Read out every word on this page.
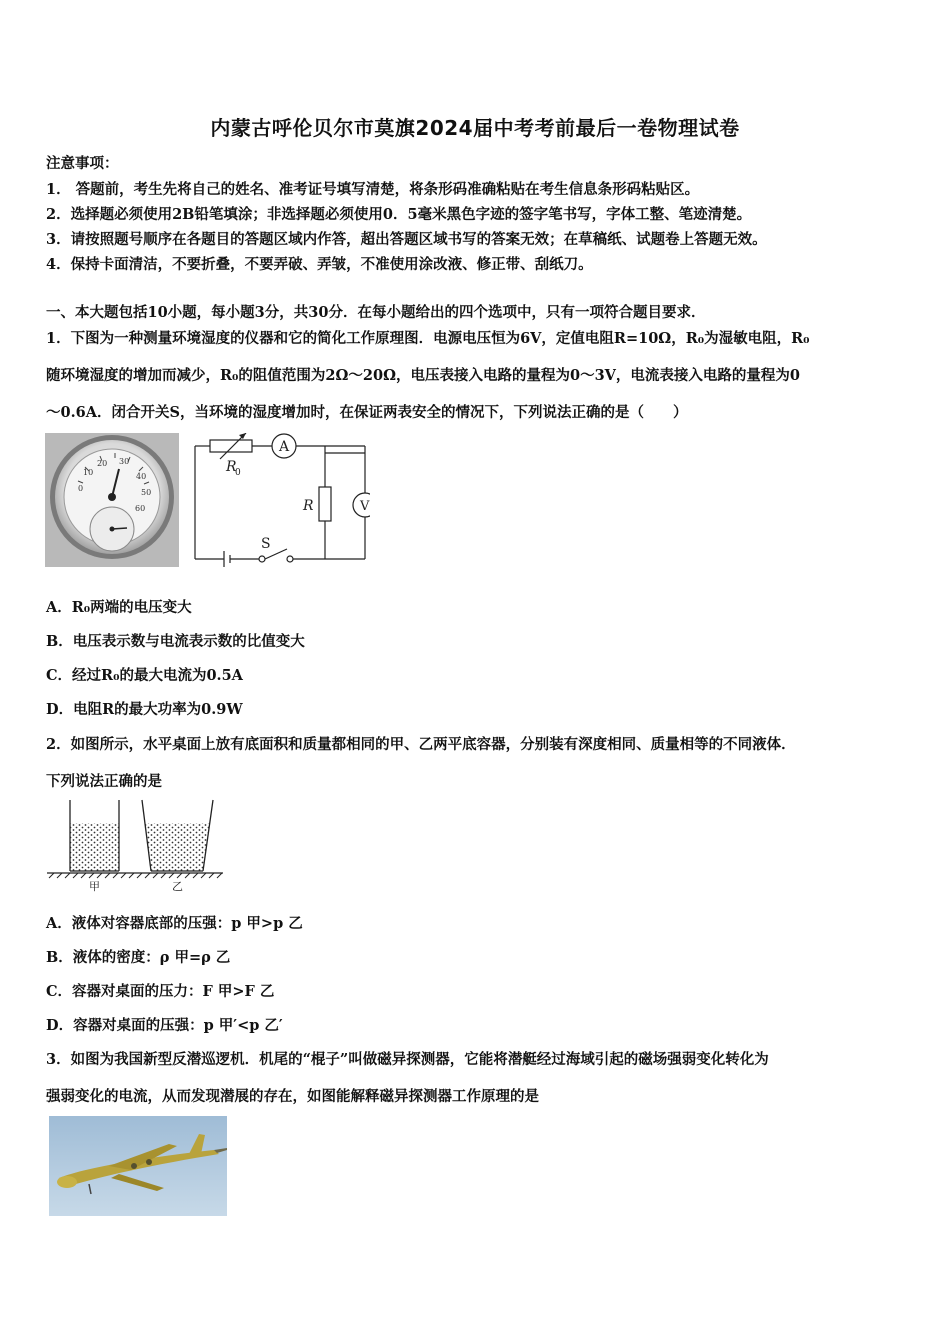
内蒙古呼伦贝尔市莫旗2024届中考考前最后一卷物理试卷
注意事项：
1． 答题前，考生先将自己的姓名、准考证号填写清楚，将条形码准确粘贴在考生信息条形码粘贴区。
2．选择题必须使用2B铅笔填涂；非选择题必须使用0．5毫米黑色字迹的签字笔书写，字体工整、笔迹清楚。
3．请按照题号顺序在各题目的答题区域内作答，超出答题区域书写的答案无效；在草稿纸、试题卷上答题无效。
4．保持卡面清洁，不要折叠，不要弄破、弄皱，不准使用涂改液、修正带、刮纸刀。
一、本大题包括10小题，每小题3分，共30分．在每小题给出的四个选项中，只有一项符合题目要求．
1．下图为一种测量环境湿度的仪器和它的简化工作原理图．电源电压恒为6V，定值电阻R=10Ω，R₀为湿敏电阻，R₀
随环境湿度的增加而减少，R₀的阻值范围为2Ω～20Ω，电压表接入电路的量程为0～3V，电流表接入电路的量程为0
～0.6A．闭合开关S，当环境的湿度增加时，在保证两表安全的情况下，下列说法正确的是（　　）
0
10
20 30
40
50
60
A
V
R
0
R
S
A．R₀两端的电压变大
B．电压表示数与电流表示数的比值变大
C．经过R₀的最大电流为0.5A
D．电阻R的最大功率为0.9W
2．如图所示，水平桌面上放有底面积和质量都相同的甲、乙两平底容器，分别装有深度相同、质量相等的不同液体．
下列说法正确的是
甲	乙
A．液体对容器底部的压强：p 甲>p 乙
B．液体的密度：ρ 甲=ρ 乙
C．容器对桌面的压力：F 甲>F 乙
D．容器对桌面的压强：p 甲′<p 乙′
3．如图为我国新型反潜巡逻机．机尾的“棍子”叫做磁异探测器，它能将潜艇经过海域引起的磁场强弱变化转化为
强弱变化的电流，从而发现潜展的存在，如图能解释磁异探测器工作原理的是
